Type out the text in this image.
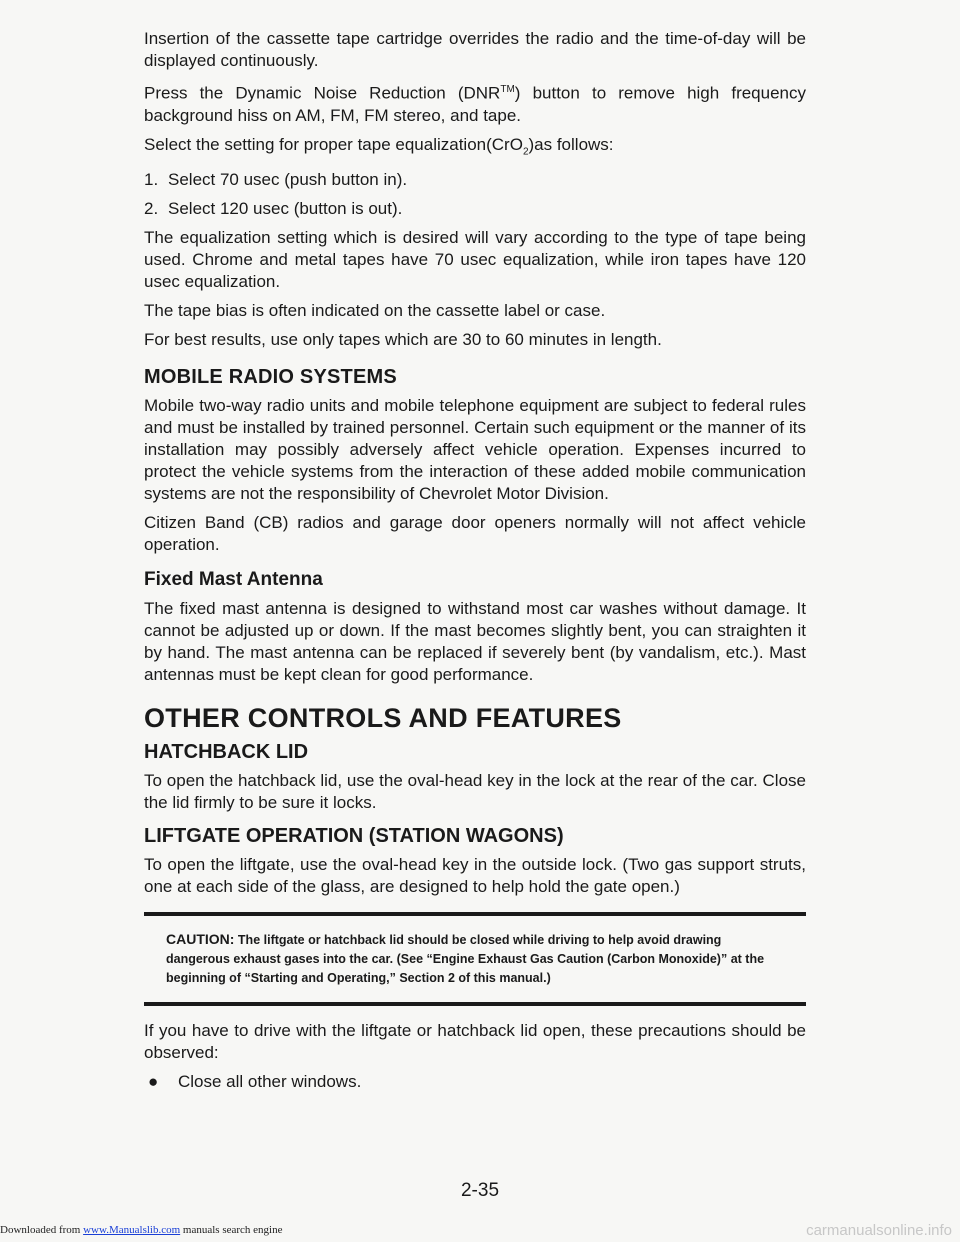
Insertion of the cassette tape cartridge overrides the radio and the time-of-day will be displayed continuously.

Press the Dynamic Noise Reduction (DNR™) button to remove high frequency background hiss on AM, FM, FM stereo, and tape.

Select the setting for proper tape equalization(CrO$_2$)as follows:

1. Select 70 usec (push button in).
2. Select 120 usec (button is out).

The equalization setting which is desired will vary according to the type of tape being used. Chrome and metal tapes have 70 usec equalization, while iron tapes have 120 usec equalization.

The tape bias is often indicated on the cassette label or case.

For best results, use only tapes which are 30 to 60 minutes in length.

MOBILE RADIO SYSTEMS

Mobile two-way radio units and mobile telephone equipment are subject to federal rules and must be installed by trained personnel. Certain such equipment or the manner of its installation may possibly adversely affect vehicle operation. Expenses incurred to protect the vehicle systems from the interaction of these added mobile communication systems are not the responsibility of Chevrolet Motor Division.

Citizen Band (CB) radios and garage door openers normally will not affect vehicle operation.

Fixed Mast Antenna

The fixed mast antenna is designed to withstand most car washes without damage. It cannot be adjusted up or down. If the mast becomes slightly bent, you can straighten it by hand. The mast antenna can be replaced if severely bent (by vandalism, etc.). Mast antennas must be kept clean for good performance.

OTHER CONTROLS AND FEATURES
HATCHBACK LID

To open the hatchback lid, use the oval-head key in the lock at the rear of the car. Close the lid firmly to be sure it locks.

LIFTGATE OPERATION (STATION WAGONS)

To open the liftgate, use the oval-head key in the outside lock. (Two gas support struts, one at each side of the glass, are designed to help hold the gate open.)

CAUTION: The liftgate or hatchback lid should be closed while driving to help avoid drawing dangerous exhaust gases into the car. (See “Engine Exhaust Gas Caution (Carbon Monoxide)” at the beginning of “Starting and Operating,” Section 2 of this manual.)

If you have to drive with the liftgate or hatchback lid open, these precautions should be observed:

●	Close all other windows.
2-35
Downloaded from www.Manualslib.com manuals search engine	carmanualsonline.info
